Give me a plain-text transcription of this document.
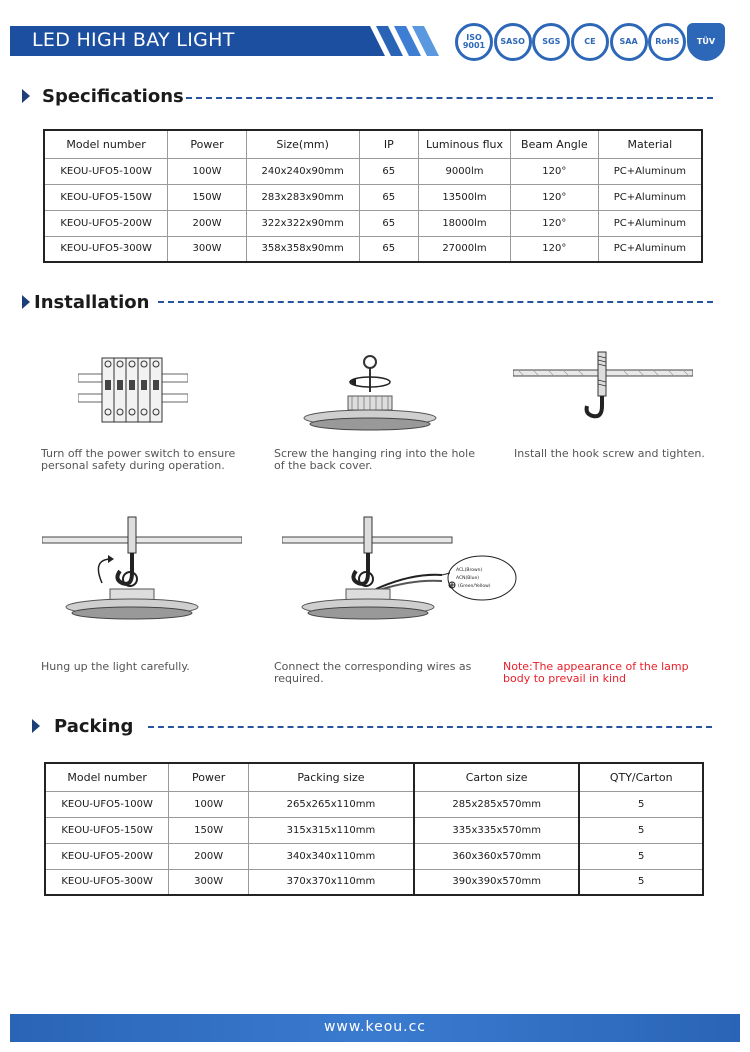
LED HIGH BAY LIGHT	ISO 9001	SASO	SGS	CE	SAA	RoHS	TÜV
Specifications
Model number	Power	Size(mm)	IP	Luminous flux	Beam Angle	Material
KEOU-UFO5-100W	100W	240x240x90mm	65	9000lm	120°	PC+Aluminum
KEOU-UFO5-150W	150W	283x283x90mm	65	13500lm	120°	PC+Aluminum
KEOU-UFO5-200W	200W	322x322x90mm	65	18000lm	120°	PC+Aluminum
KEOU-UFO5-300W	300W	358x358x90mm	65	27000lm	120°	PC+Aluminum
Installation
Turn off the power switch to ensure personal safety during operation.
Screw the hanging ring into the hole of the back cover.
Install the hook screw and tighten.
Hung up the light carefully.
ACL(Brown)
ACN(Blue)
(Green/Yellow)
Connect the corresponding wires as required.
Note:The appearance of the lamp body to prevail in kind
Packing
Model number	Power	Packing size	Carton size	QTY/Carton
KEOU-UFO5-100W	100W	265x265x110mm	285x285x570mm	5
KEOU-UFO5-150W	150W	315x315x110mm	335x335x570mm	5
KEOU-UFO5-200W	200W	340x340x110mm	360x360x570mm	5
KEOU-UFO5-300W	300W	370x370x110mm	390x390x570mm	5
www.keou.cc
